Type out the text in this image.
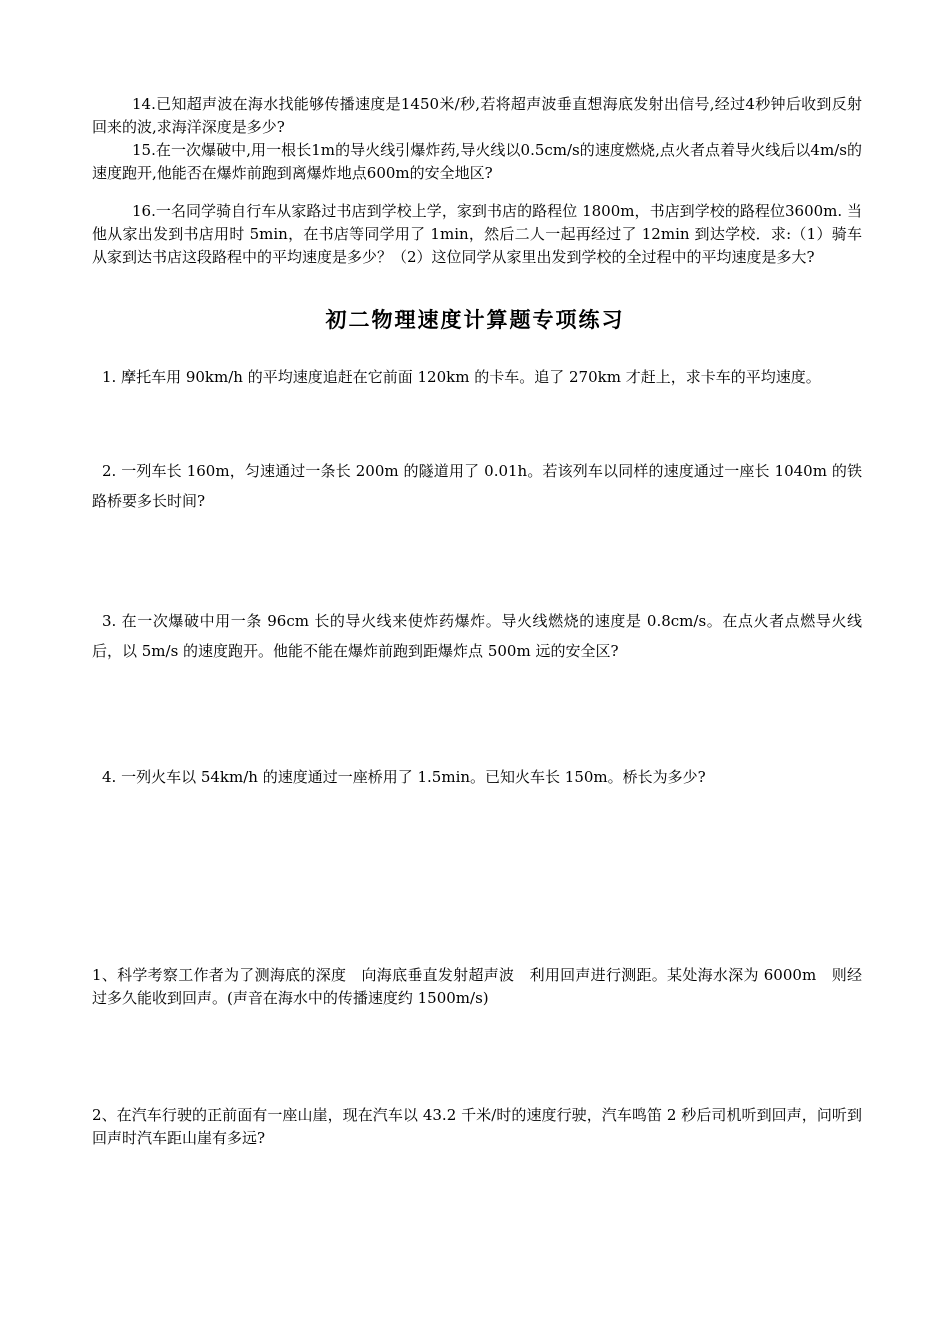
14.已知超声波在海水找能够传播速度是1450米/秒,若将超声波垂直想海底发射出信号,经过4秒钟后收到反射回来的波,求海洋深度是多少?

15.在一次爆破中,用一根长1m的导火线引爆炸药,导火线以0.5cm/s的速度燃烧,点火者点着导火线后以4m/s的速度跑开,他能否在爆炸前跑到离爆炸地点600m的安全地区?

16.一名同学骑自行车从家路过书店到学校上学，家到书店的路程位 1800m，书店到学校的路程位3600m. 当他从家出发到书店用时 5min，在书店等同学用了 1min，然后二人一起再经过了 12min 到达学校．求:（1）骑车从家到达书店这段路程中的平均速度是多少？（2）这位同学从家里出发到学校的全过程中的平均速度是多大?

初二物理速度计算题专项练习

1. 摩托车用 90km/h 的平均速度追赶在它前面 120km 的卡车。追了 270km 才赶上，求卡车的平均速度。

2. 一列车长 160m，匀速通过一条长 200m 的隧道用了 0.01h。若该列车以同样的速度通过一座长 1040m 的铁路桥要多长时间?

3. 在一次爆破中用一条 96cm 长的导火线来使炸药爆炸。导火线燃烧的速度是 0.8cm/s。在点火者点燃导火线后，以 5m/s 的速度跑开。他能不能在爆炸前跑到距爆炸点 500m 远的安全区?

4. 一列火车以 54km/h 的速度通过一座桥用了 1.5min。已知火车长 150m。桥长为多少?

1、科学考察工作者为了测海底的深度　向海底垂直发射超声波　利用回声进行测距。某处海水深为 6000m　则经过多久能收到回声。(声音在海水中的传播速度约 1500m/s)

2、在汽车行驶的正前面有一座山崖，现在汽车以 43.2 千米/时的速度行驶，汽车鸣笛 2 秒后司机听到回声，问听到回声时汽车距山崖有多远?
